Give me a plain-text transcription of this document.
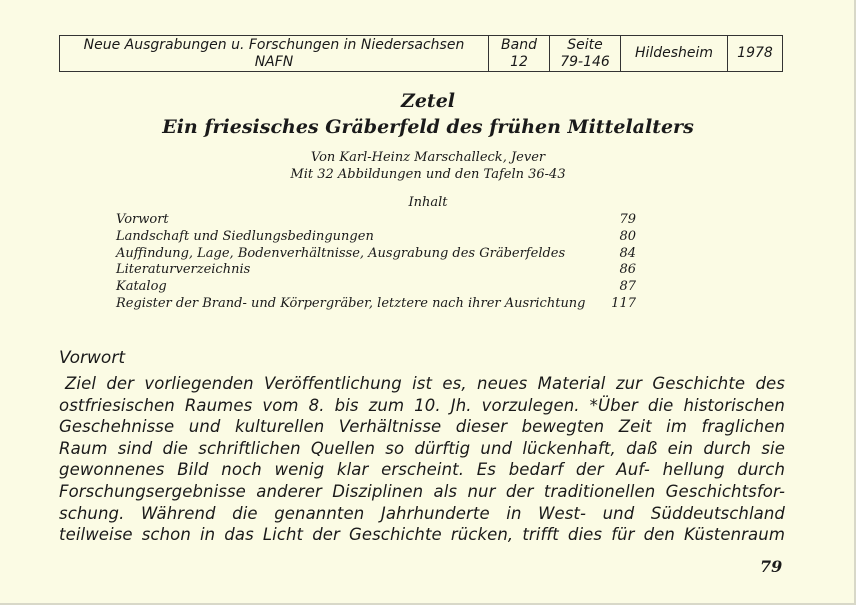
Neue Ausgrabungen u. Forschungen in Niedersachsen
NAFN

Band
12

Seite
79-146
	Hildesheim	1978
Zetel
Ein friesisches Gräberfeld des frühen Mittelalters
Von Karl-Heinz Marschalleck, Jever
Mit 32 Abbildungen und den Tafeln 36-43
Inhalt
Vorwort	79
Landschaft und Siedlungsbedingungen	80
Auffindung, Lage, Bodenverhältnisse, Ausgrabung des Gräberfeldes	84
Literaturverzeichnis	86
Katalog	87
Register der Brand- und Körpergräber, letztere nach ihrer Ausrichtung 117
Vorwort
Ziel der vorliegenden Veröffentlichung ist es, neues Material zur Geschichte des
ostfriesischen Raumes vom 8. bis zum 10. Jh. vorzulegen. *Über die historischen
Geschehnisse und kulturellen Verhältnisse dieser bewegten Zeit im fraglichen
Raum sind die schriftlichen Quellen so dürftig und lückenhaft, daß ein durch sie
gewonnenes Bild noch wenig klar erscheint. Es bedarf der Auf- hellung durch
Forschungsergebnisse anderer Disziplinen als nur der traditionellen Geschichtsfor-
schung. Während die genannten Jahrhunderte in West- und Süddeutschland
teilweise schon in das Licht der Geschichte rücken, trifft dies für den Küstenraum
79
